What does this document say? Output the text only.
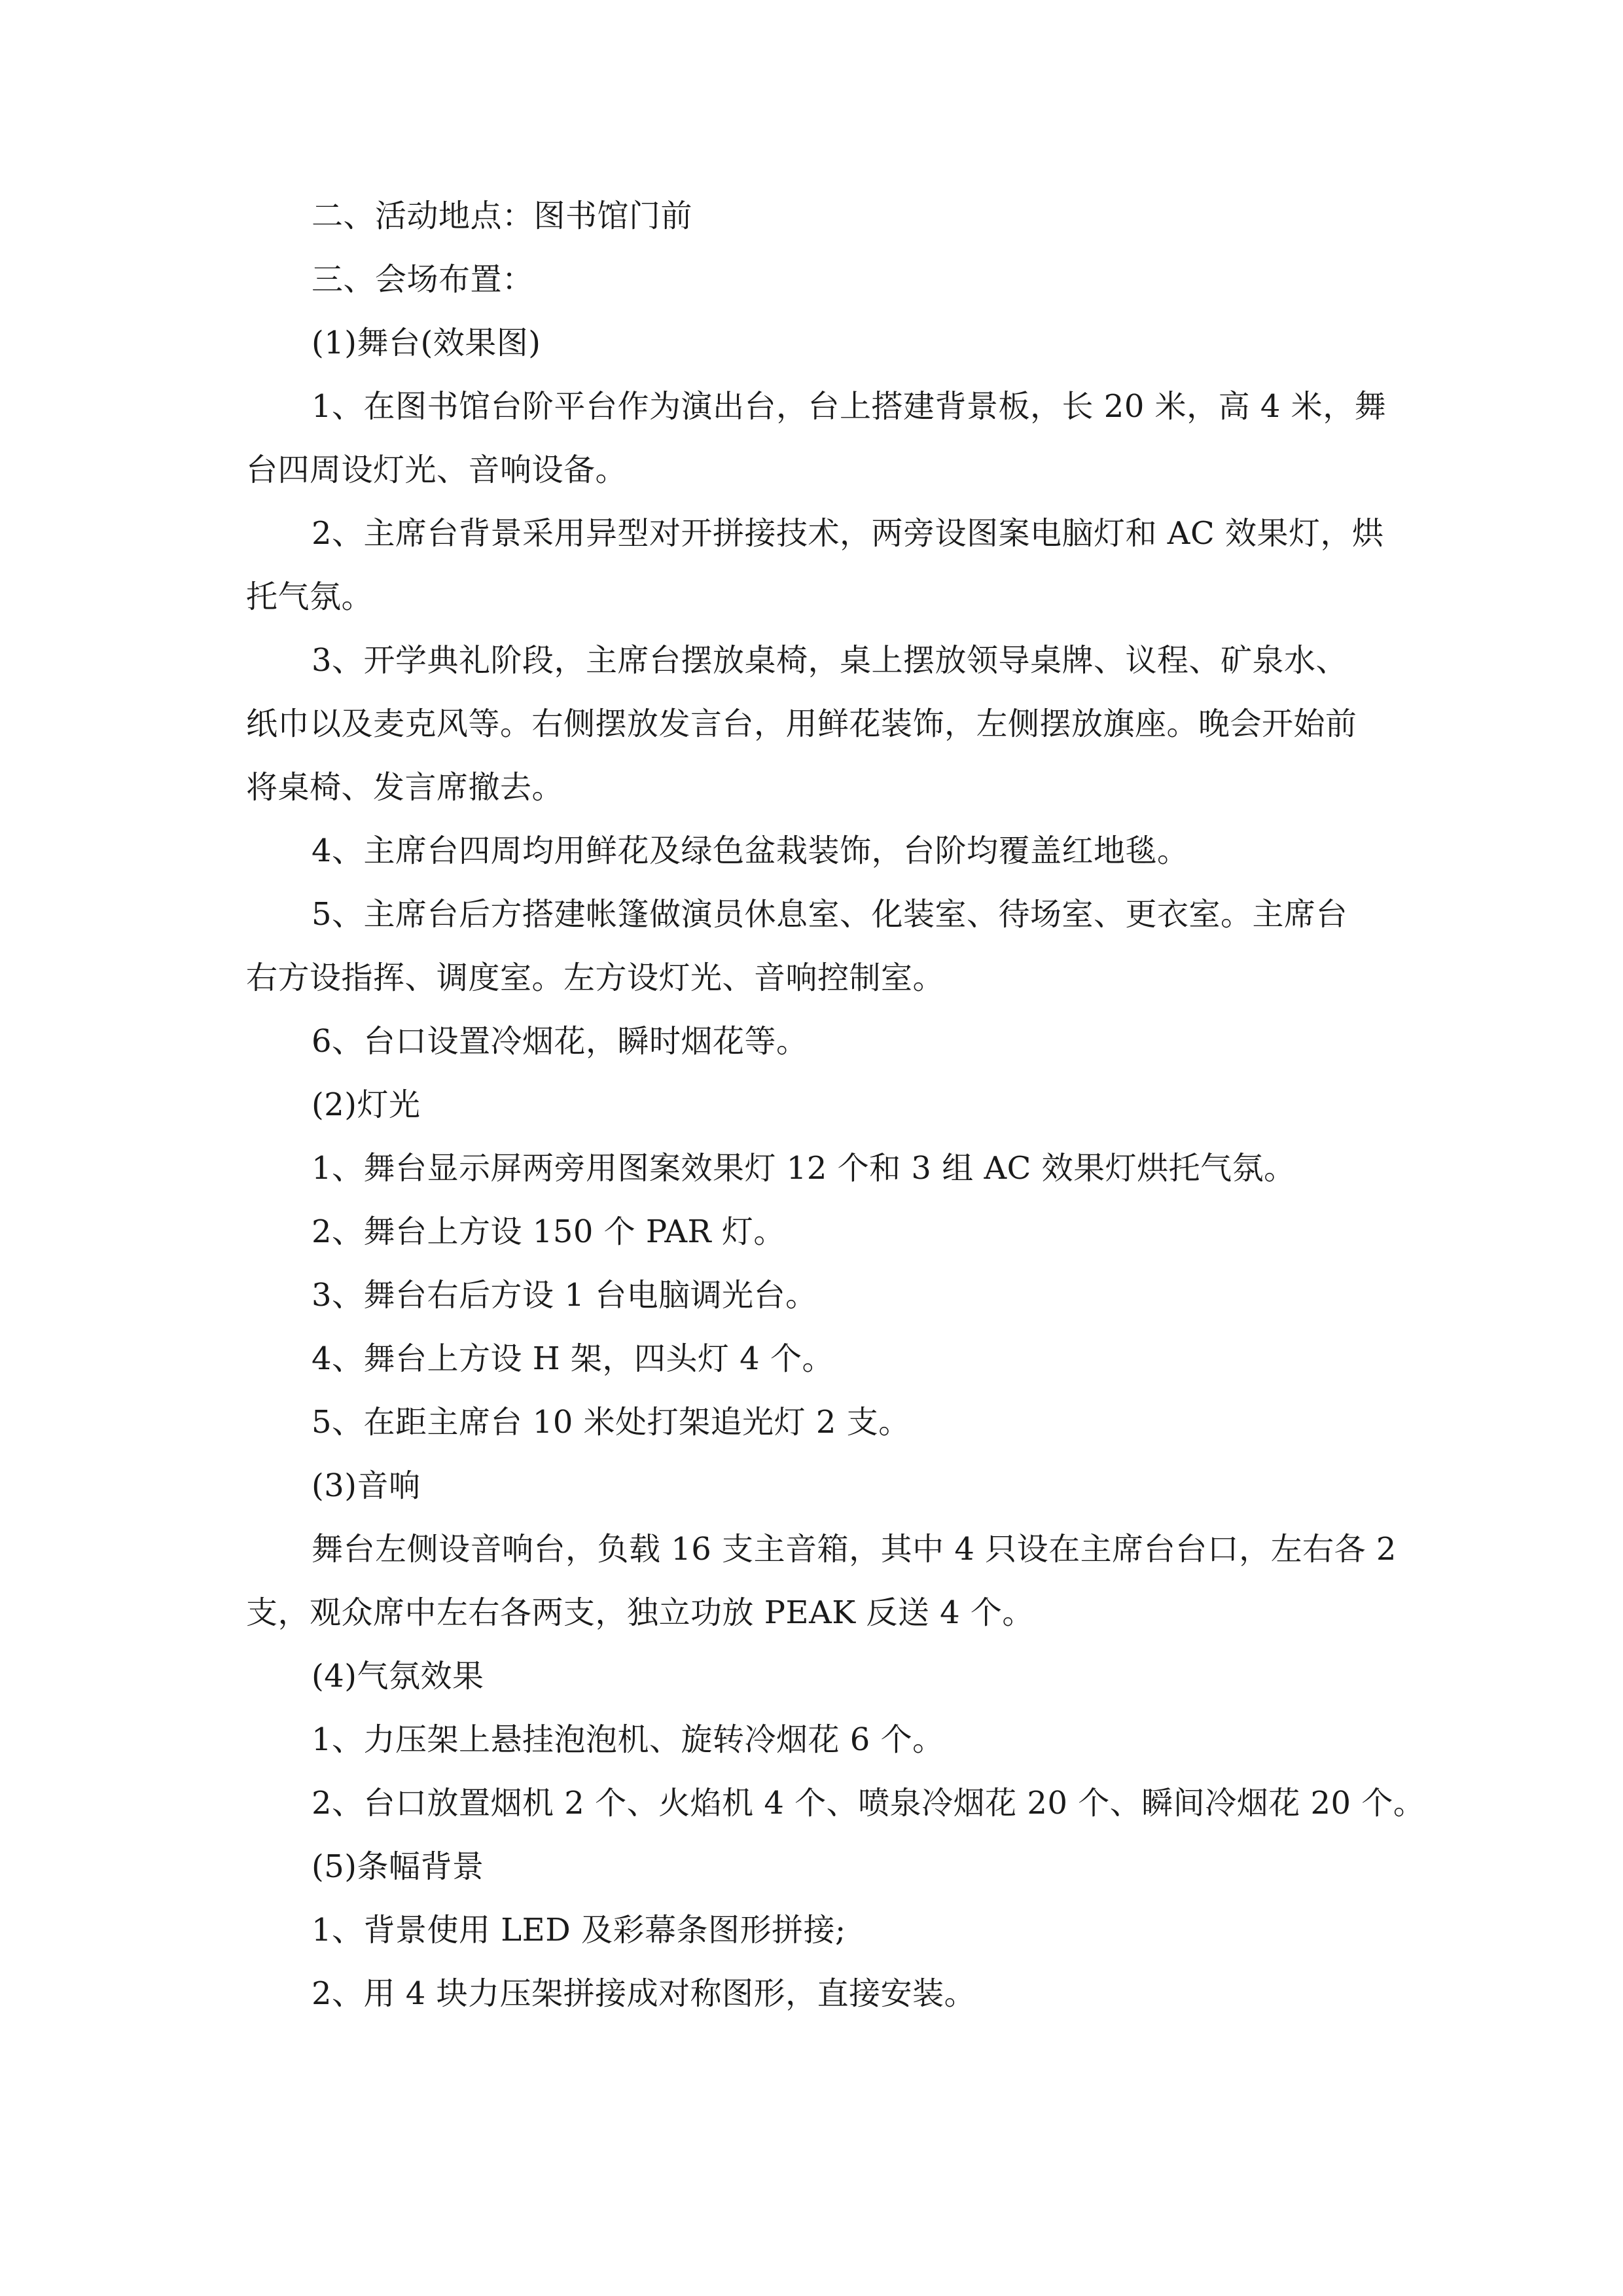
二、活动地点：图书馆门前
三、会场布置：
(1)舞台(效果图)
1、在图书馆台阶平台作为演出台，台上搭建背景板，长 20 米，高 4 米，舞
台四周设灯光、音响设备。
2、主席台背景采用异型对开拼接技术，两旁设图案电脑灯和 AC 效果灯，烘
托气氛。
3、开学典礼阶段，主席台摆放桌椅，桌上摆放领导桌牌、议程、矿泉水、
纸巾以及麦克风等。右侧摆放发言台，用鲜花装饰，左侧摆放旗座。晚会开始前
将桌椅、发言席撤去。
4、主席台四周均用鲜花及绿色盆栽装饰，台阶均覆盖红地毯。
5、主席台后方搭建帐篷做演员休息室、化装室、待场室、更衣室。主席台
右方设指挥、调度室。左方设灯光、音响控制室。
6、台口设置冷烟花，瞬时烟花等。
(2)灯光
1、舞台显示屏两旁用图案效果灯 12 个和 3 组 AC 效果灯烘托气氛。
2、舞台上方设 150 个 PAR 灯。
3、舞台右后方设 1 台电脑调光台。
4、舞台上方设 H 架，四头灯 4 个。
5、在距主席台 10 米处打架追光灯 2 支。
(3)音响
舞台左侧设音响台，负载 16 支主音箱，其中 4 只设在主席台台口，左右各 2
支，观众席中左右各两支，独立功放 PEAK 反送 4 个。
(4)气氛效果
1、力压架上悬挂泡泡机、旋转冷烟花 6 个。
2、台口放置烟机 2 个、火焰机 4 个、喷泉冷烟花 20 个、瞬间冷烟花 20 个。
(5)条幅背景
1、背景使用 LED 及彩幕条图形拼接;
2、用 4 块力压架拼接成对称图形，直接安装。
